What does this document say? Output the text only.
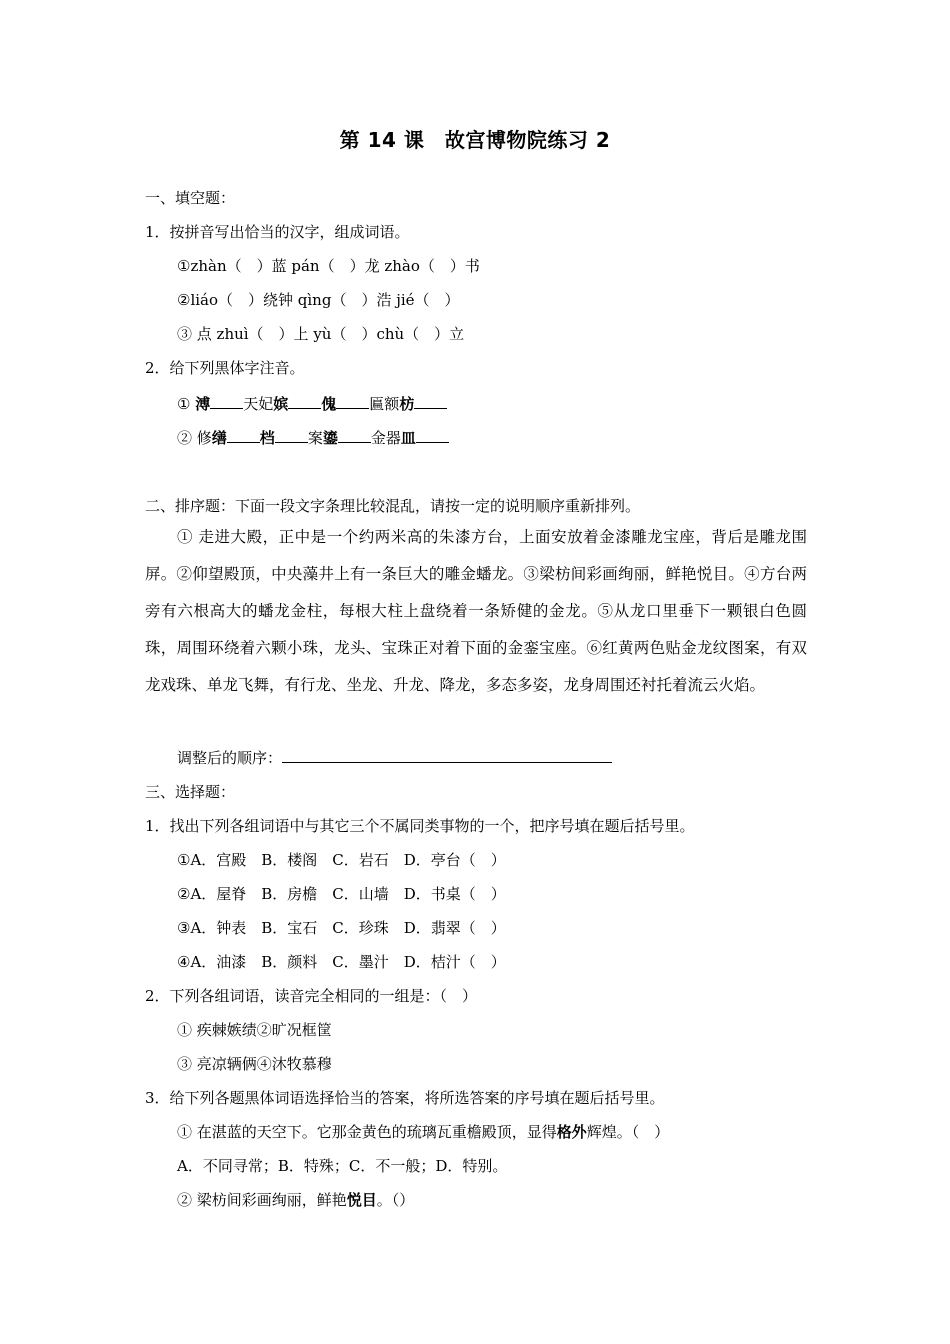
第 14 课　故宫博物院练习 2
一、填空题：
1．按拼音写出恰当的汉字，组成词语。
①zhàn（　）蓝 pán（　）龙 zhào（　）书
②liáo（　）绕钟 qìng（　）浩 jié（　）
③ 点 zhuì（　）上 yù（　）chù（　）立
2．给下列黑体字注音。
① 溥 天妃嫔 傀 匾额枋
② 修缮 档 案鎏 金器皿
二、排序题：下面一段文字条理比较混乱，请按一定的说明顺序重新排列。
① 走进大殿，正中是一个约两米高的朱漆方台，上面安放着金漆雕龙宝座，背后是雕龙围屏。②仰望殿顶，中央藻井上有一条巨大的雕金蟠龙。③梁枋间彩画绚丽，鲜艳悦目。④方台两旁有六根高大的蟠龙金柱，每根大柱上盘绕着一条矫健的金龙。⑤从龙口里垂下一颗银白色圆珠，周围环绕着六颗小珠，龙头、宝珠正对着下面的金銮宝座。⑥红黄两色贴金龙纹图案，有双龙戏珠、单龙飞舞，有行龙、坐龙、升龙、降龙，多态多姿，龙身周围还衬托着流云火焰。
调整后的顺序：
三、选择题：
1．找出下列各组词语中与其它三个不属同类事物的一个，把序号填在题后括号里。
①A．宫殿　B．楼阁　C．岩石　D．亭台（　）
②A．屋脊　B．房檐　C．山墙　D．书桌（　）
③A．钟表　B．宝石　C．珍珠　D．翡翠（　）
④A．油漆　B．颜料　C．墨汁　D．桔汁（　）
2．下列各组词语，读音完全相同的一组是：（　）
① 疾棘嫉绩②旷况框筐
③ 亮凉辆俩④沐牧慕穆
3．给下列各题黑体词语选择恰当的答案，将所选答案的序号填在题后括号里。
① 在湛蓝的天空下。它那金黄色的琉璃瓦重檐殿顶，显得格外辉煌。（　）
A．不同寻常；B．特殊；C．不一般；D．特别。
② 梁枋间彩画绚丽，鲜艳悦目。（）
